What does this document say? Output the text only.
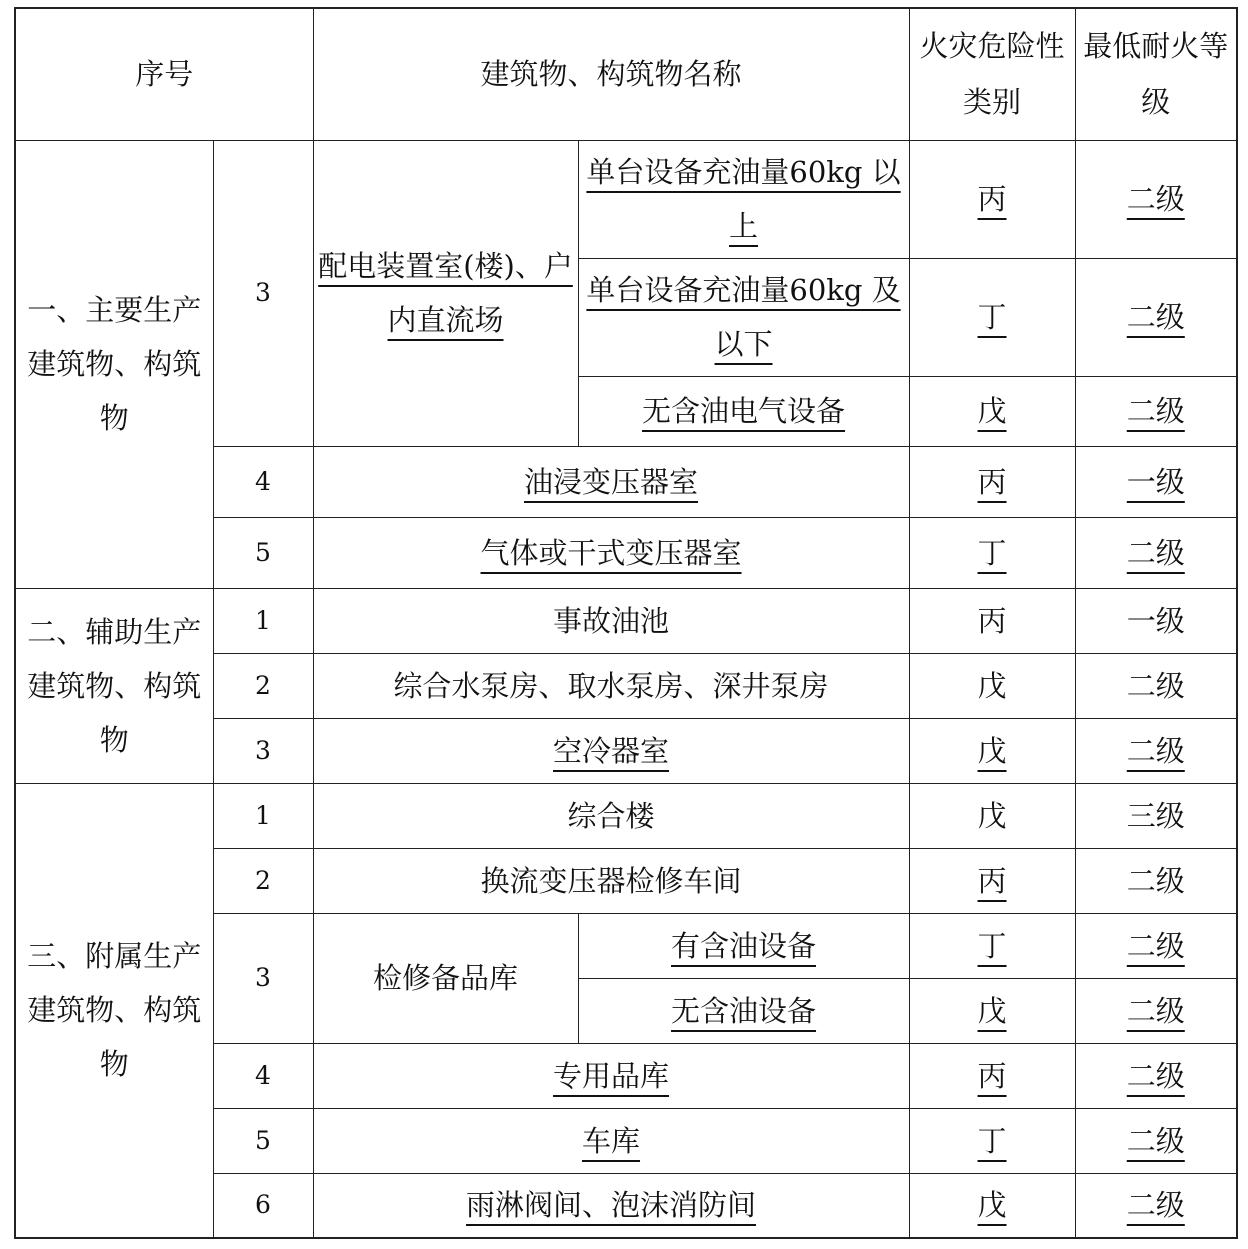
序号		建筑物、构筑物名称		火灾危险性类别	最低耐火等级
一、主要生产建筑物、构筑物	3	配电装置室(楼)、户内直流场	单台设备充油量60kg 以上	丙	二级
			单台设备充油量60kg 及以下	丁	二级
			无含油电气设备	戊	二级
	4	油浸变压器室		丙	一级
	5	气体或干式变压器室		丁	二级
二、辅助生产建筑物、构筑物	1	事故油池		丙	一级
	2	综合水泵房、取水泵房、深井泵房		戊	二级
	3	空冷器室		戊	二级
三、附属生产建筑物、构筑物	1	综合楼		戊	三级
	2	换流变压器检修车间		丙	二级
	3	检修备品库	有含油设备	丁	二级
			无含油设备	戊	二级
	4	专用品库		丙	二级
	5	车库		丁	二级
	6	雨淋阀间、泡沫消防间		戊	二级
